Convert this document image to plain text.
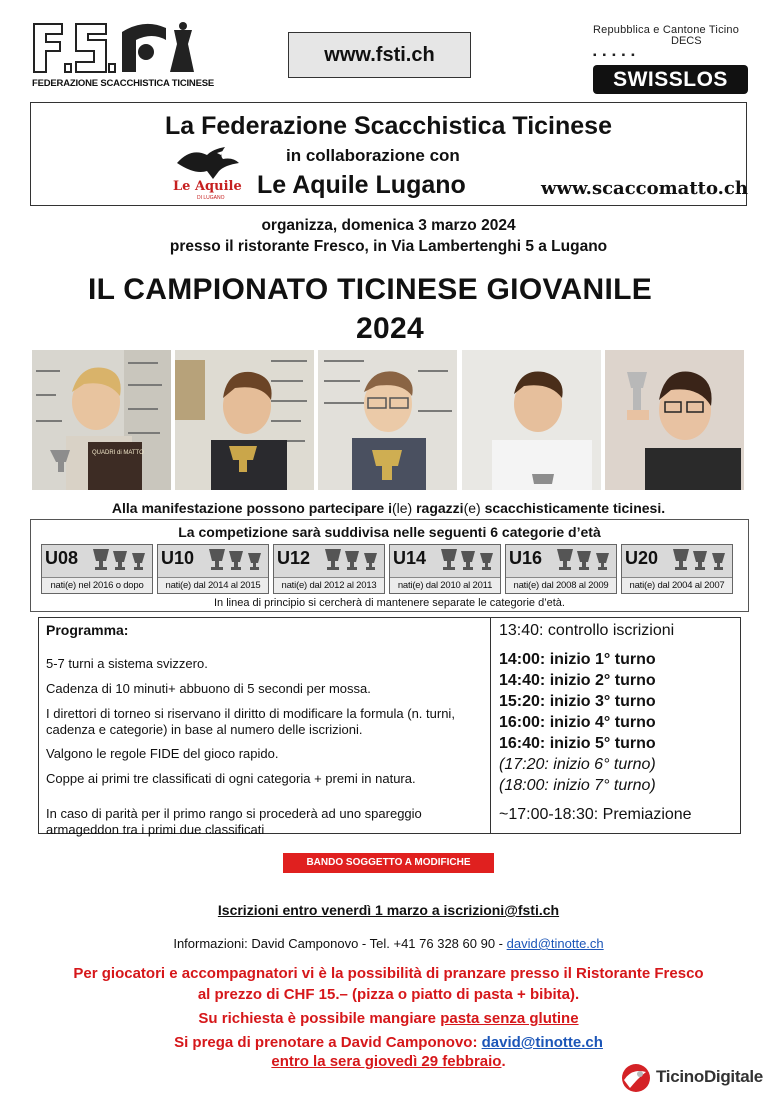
FEDERAZIONE SCACCHISTICA TICINESE
www.fsti.ch
Repubblica e Cantone Ticino
DECS
▪▪▪▪▪
SWISSLOS
La Federazione Scacchistica Ticinese
in collaborazione con
Le Aquile
DI LUGANO Le Aquile Lugano	www.scaccomatto.ch
organizza, domenica 3 marzo 2024
presso il ristorante Fresco, in Via Lambertenghi 5 a Lugano
IL CAMPIONATO TICINESE GIOVANILE
2024
QUADRI di MATTO
Alla manifestazione possono partecipare i(le) ragazzi(e) scacchisticamente ticinesi.
La competizione sarà suddivisa nelle seguenti 6 categorie d’età
U08
nati(e) nel 2016 o dopo
U10
nati(e) dal 2014 al 2015
U12
nati(e) dal 2012 al 2013
U14
nati(e) dal 2010 al 2011
U16
nati(e) dal 2008 al 2009
U20
nati(e) dal 2004 al 2007
In linea di principio si cercherà di mantenere separate le categorie d’età.
Programma:
5-7 turni a sistema svizzero.
Cadenza di 10 minuti+ abbuono di 5 secondi per mossa.
I direttori di torneo si riservano il diritto di modificare la formula (n. turni, cadenza e categorie) in base al numero delle iscrizioni.
Valgono le regole FIDE del gioco rapido.
Coppe ai primi tre classificati di ogni categoria + premi in natura.
In caso di parità per il primo rango si procederà ad uno spareggio armageddon tra i primi due classificati
13:40: controllo iscrizioni
14:00: inizio 1° turno
14:40: inizio 2° turno
15:20: inizio 3° turno
16:00: inizio 4° turno
16:40: inizio 5° turno
(17:20: inizio 6° turno)
(18:00: inizio 7° turno)
~17:00-18:30: Premiazione
BANDO SOGGETTO A MODIFICHE
Iscrizioni entro venerdì 1 marzo a iscrizioni@fsti.ch
Informazioni: David Camponovo - Tel. +41 76 328 60 90 - david@tinotte.ch
Per giocatori e accompagnatori vi è la possibilità di pranzare presso il Ristorante Fresco
al prezzo di CHF 15.– (pizza o piatto di pasta + bibita).
Su richiesta è possibile mangiare pasta senza glutine
Si prega di prenotare a David Camponovo: david@tinotte.ch
entro la sera giovedì 29 febbraio.
TicinoDigitale
